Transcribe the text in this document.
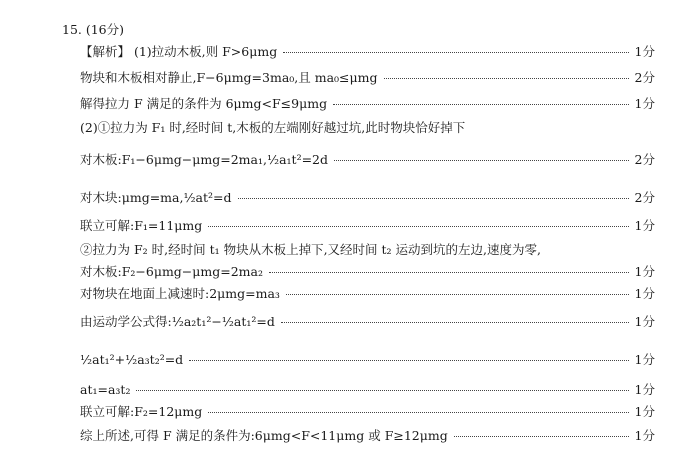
15. (16分)
【解析】 (1)拉动木板,则 F>6μmg	1分
物块和木板相对静止,F−6μmg=3ma₀,且 ma₀≤μmg	2分
解得拉力 F 满足的条件为 6μmg<F≤9μmg	1分
(2)①拉力为 F₁ 时,经时间 t,木板的左端刚好越过坑,此时物块恰好掉下
对木板:F₁−6μmg−μmg=2ma₁,½a₁t²=2d	2分
对木块:μmg=ma,½at²=d	2分
联立可解:F₁=11μmg	1分
②拉力为 F₂ 时,经时间 t₁ 物块从木板上掉下,又经时间 t₂ 运动到坑的左边,速度为零,
对木板:F₂−6μmg−μmg=2ma₂	1分
对物块在地面上减速时:2μmg=ma₃	1分
由运动学公式得:½a₂t₁²−½at₁²=d	1分
½at₁²+½a₃t₂²=d	1分
at₁=a₃t₂	1分
联立可解:F₂=12μmg	1分
综上所述,可得 F 满足的条件为:6μmg<F<11μmg 或 F≥12μmg	1分
